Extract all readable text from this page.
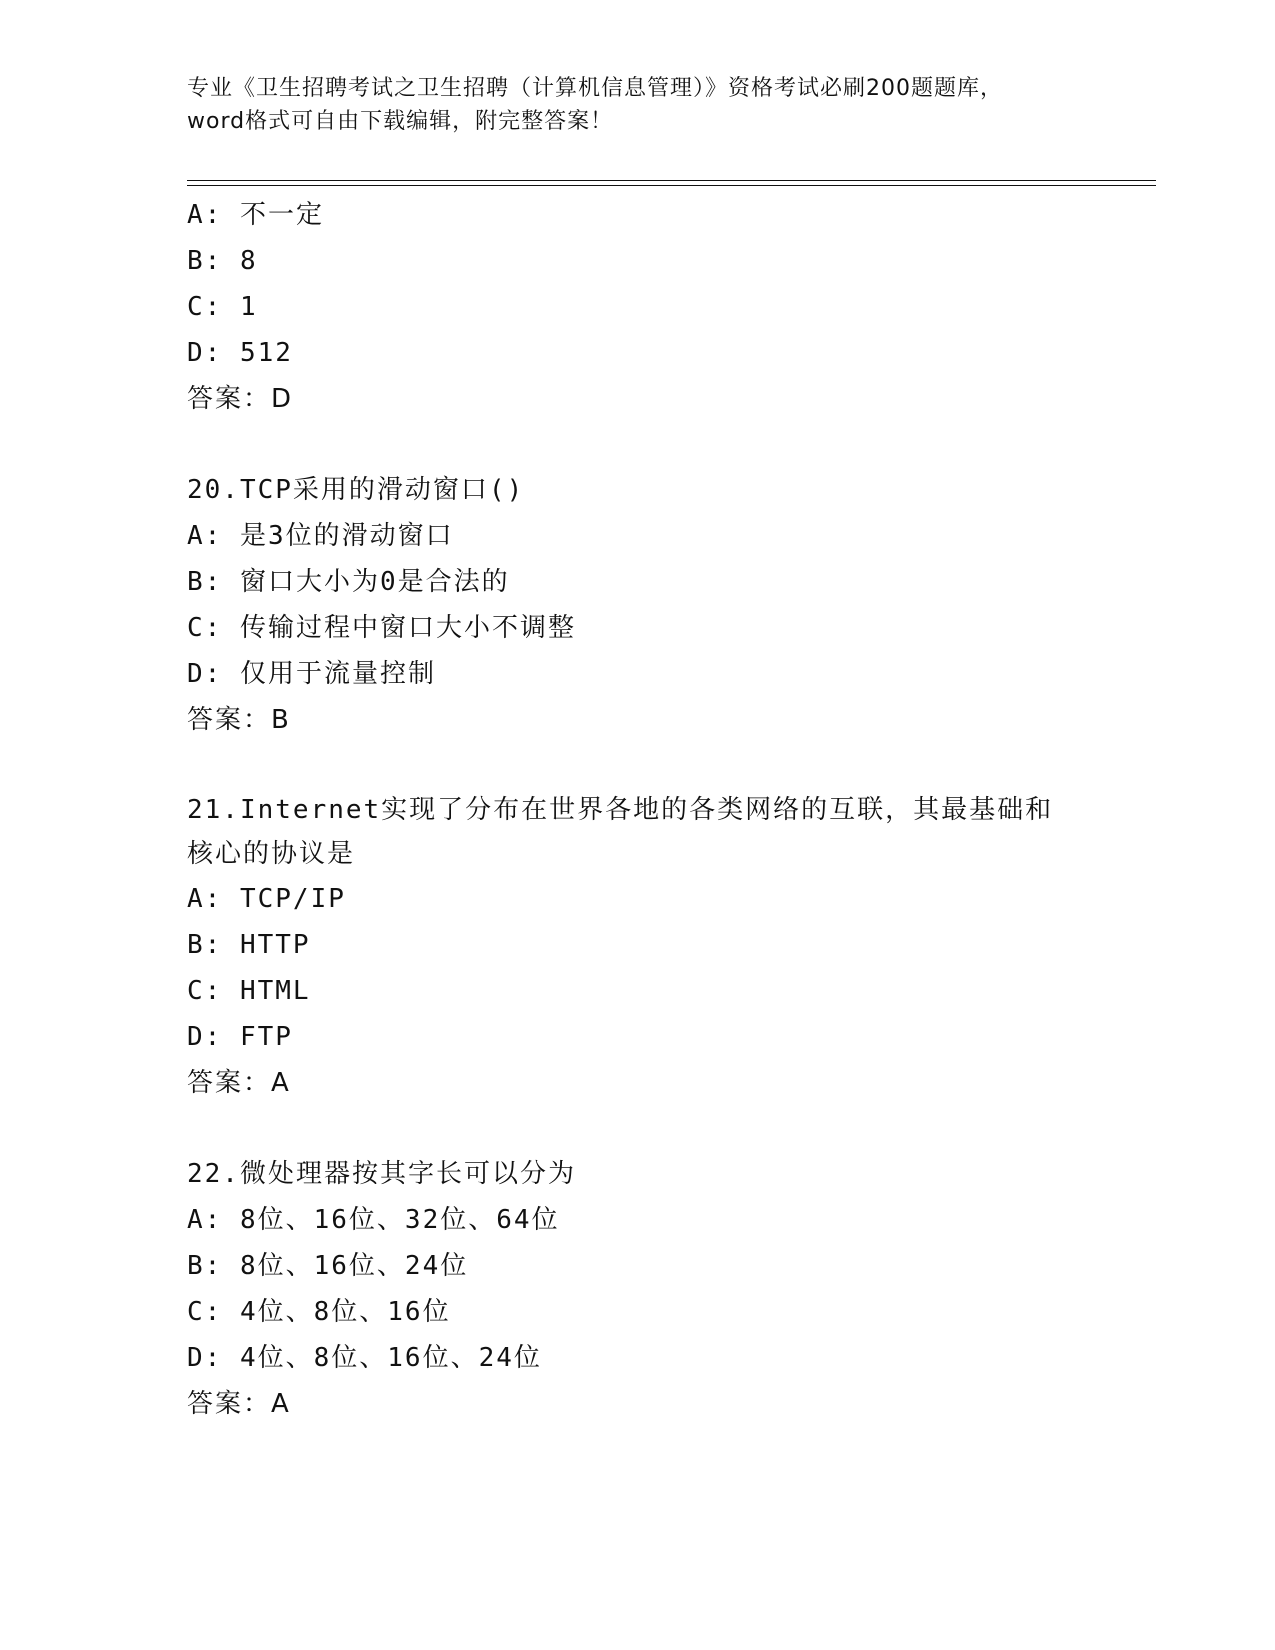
专业《卫生招聘考试之卫生招聘（计算机信息管理）》资格考试必刷200题题库，
word格式可自由下载编辑，附完整答案！
A: 不一定
B: 8
C: 1
D: 512
答案：D
20.TCP采用的滑动窗口()
A: 是3位的滑动窗口
B: 窗口大小为0是合法的
C: 传输过程中窗口大小不调整
D: 仅用于流量控制
答案：B
21.Internet实现了分布在世界各地的各类网络的互联，其最基础和核心的协议是
A: TCP/IP
B: HTTP
C: HTML
D: FTP
答案：A
22.微处理器按其字长可以分为
A: 8位、16位、32位、64位
B: 8位、16位、24位
C: 4位、8位、16位
D: 4位、8位、16位、24位
答案：A
